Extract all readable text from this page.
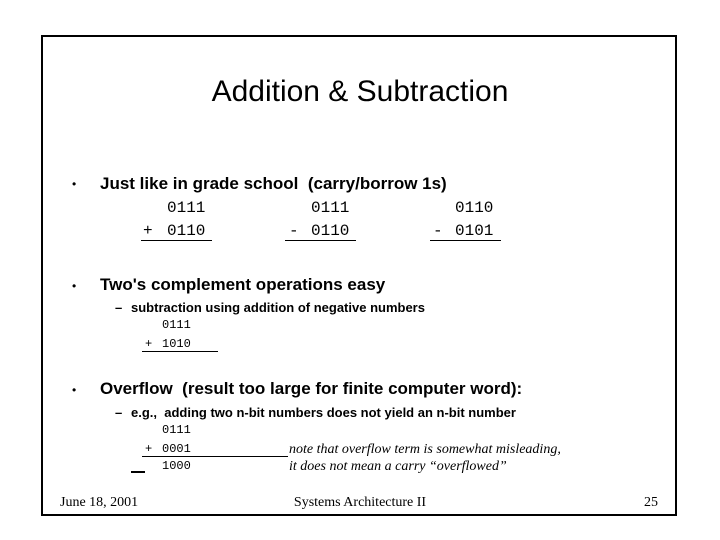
Addition & Subtraction
• Just like in grade school  (carry/borrow 1s)
0111
+ 0110
0111
- 0110
0110
- 0101
• Two's complement operations easy
– subtraction using addition of negative numbers
0111
+ 1010
• Overflow  (result too large for finite computer word):
– e.g.,  adding two n-bit numbers does not yield an n-bit number
0111
+ 0001
1000
note that overflow term is somewhat misleading,
it does not mean a carry “overflowed”
June 18, 2001	Systems Architecture II	25
